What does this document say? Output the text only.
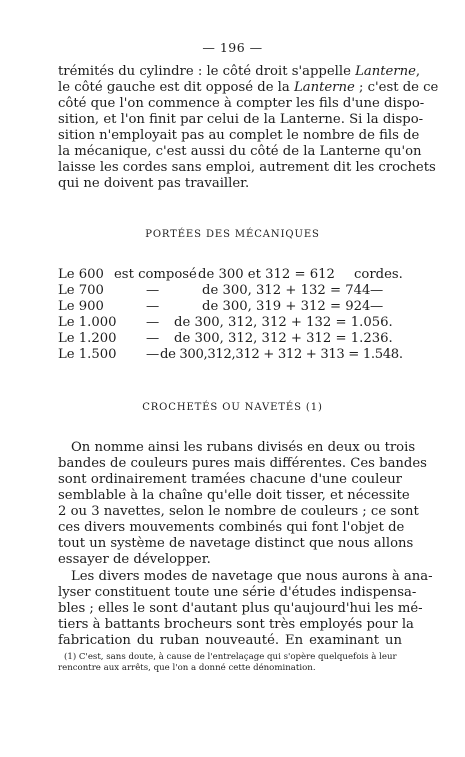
— 196 —
trémités du cylindre : le côté droit s'appelle Lanterne,
le côté gauche est dit opposé de la Lanterne ; c'est de ce
côté que l'on commence à compter les fils d'une dispo-
sition, et l'on finit par celui de la Lanterne. Si la dispo-
sition n'employait pas au complet le nombre de fils de
la mécanique, c'est aussi du côté de la Lanterne qu'on
laisse les cordes sans emploi, autrement dit les crochets
qui ne doivent pas travailler.
PORTÉES DES MÉCANIQUES
Le 600 est composé de 300 et 312 = 612 cordes.
Le 700	—	de 300, 312 + 132 = 744 —
Le 900	—	de 300, 319 + 312 = 924 —
Le 1.000 — de 300, 312, 312 + 132 = 1.056.
Le 1.200 — de 300, 312, 312 + 312 = 1.236.
Le 1.500 — de 300,312,312 + 312 + 313 = 1.548.
CROCHETÉS OU NAVETÉS (1)
On nomme ainsi les rubans divisés en deux ou trois
bandes de couleurs pures mais différentes. Ces bandes
sont ordinairement tramées chacune d'une couleur
semblable à la chaîne qu'elle doit tisser, et nécessite
2 ou 3 navettes, selon le nombre de couleurs ; ce sont
ces divers mouvements combinés qui font l'objet de
tout un système de navetage distinct que nous allons
essayer de développer.
Les divers modes de navetage que nous aurons à ana-
lyser constituent toute une série d'études indispensa-
bles ; elles le sont d'autant plus qu'aujourd'hui les mé-
tiers à battants brocheurs sont très employés pour la
fabrication du ruban nouveauté. En examinant un
(1) C'est, sans doute, à cause de l'entrelaçage qui s'opère quelquefois à leur
rencontre aux arrêts, que l'on a donné cette dénomination.
